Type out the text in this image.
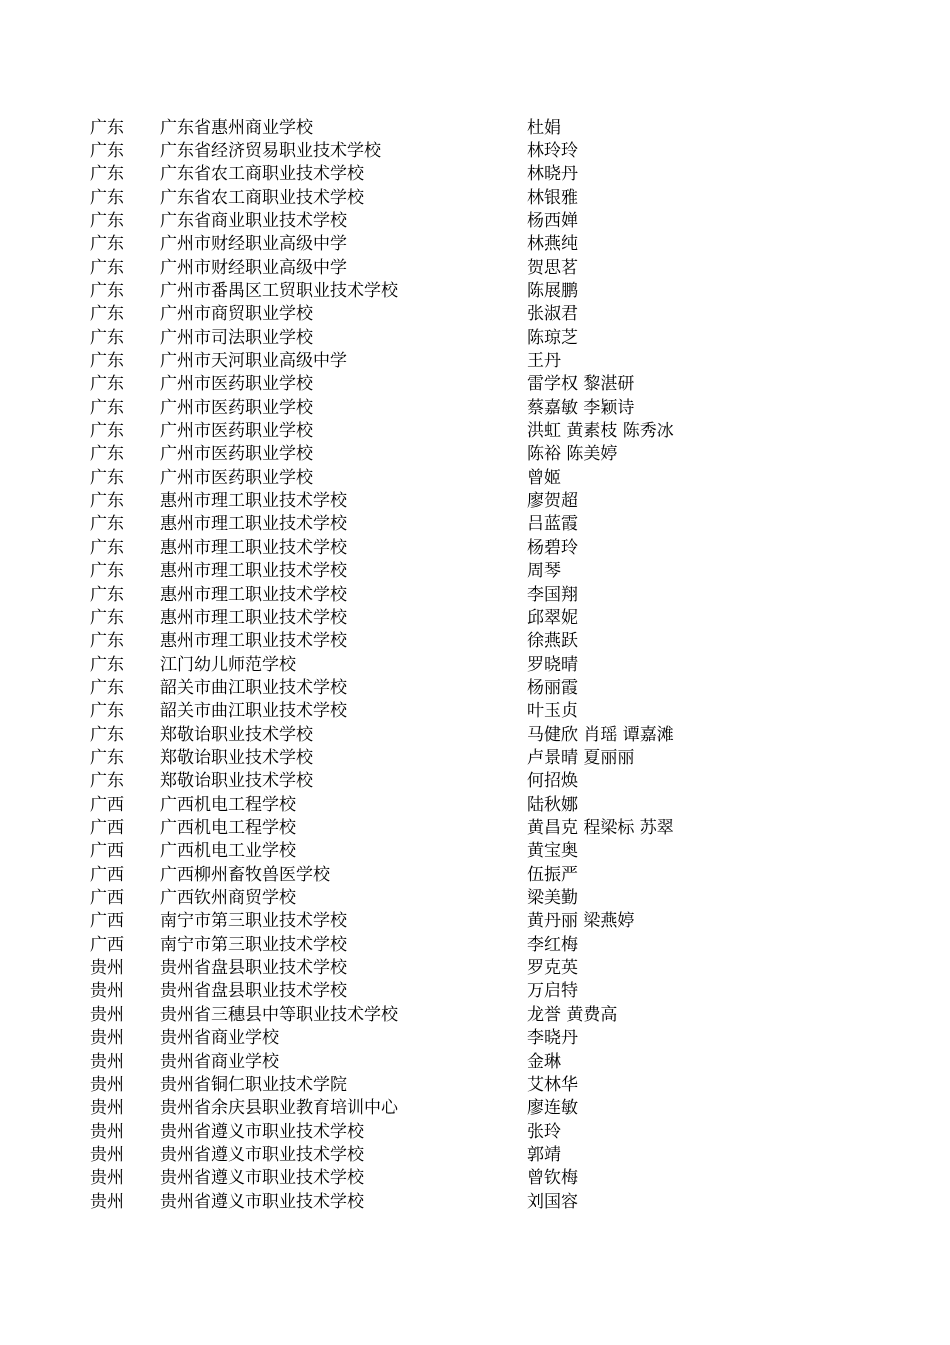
广东 广东省惠州商业学校	杜娟
广东 广东省经济贸易职业技术学校	林玲玲
广东 广东省农工商职业技术学校	林晓丹
广东 广东省农工商职业技术学校	林银雅
广东 广东省商业职业技术学校	杨西婵
广东 广州市财经职业高级中学	林燕纯
广东 广州市财经职业高级中学	贺思茗
广东 广州市番禺区工贸职业技术学校	陈展鹏
广东 广州市商贸职业学校	张淑君
广东 广州市司法职业学校	陈琼芝
广东 广州市天河职业高级中学	王丹
广东 广州市医药职业学校	雷学权 黎湛研
广东 广州市医药职业学校	蔡嘉敏 李颖诗
广东 广州市医药职业学校	洪虹 黄素枝 陈秀冰
广东 广州市医药职业学校	陈裕 陈美婷
广东 广州市医药职业学校	曾姬
广东 惠州市理工职业技术学校	廖贺超
广东 惠州市理工职业技术学校	吕蓝霞
广东 惠州市理工职业技术学校	杨碧玲
广东 惠州市理工职业技术学校	周琴
广东 惠州市理工职业技术学校	李国翔
广东 惠州市理工职业技术学校	邱翠妮
广东 惠州市理工职业技术学校	徐燕跃
广东 江门幼儿师范学校	罗晓晴
广东 韶关市曲江职业技术学校	杨丽霞
广东 韶关市曲江职业技术学校	叶玉贞
广东 郑敬诒职业技术学校	马健欣 肖瑶 谭嘉滩
广东 郑敬诒职业技术学校	卢景晴 夏丽丽
广东 郑敬诒职业技术学校	何招焕
广西 广西机电工程学校	陆秋娜
广西 广西机电工程学校	黄昌克 程梁标 苏翠
广西 广西机电工业学校	黄宝奥
广西 广西柳州畜牧兽医学校	伍振严
广西 广西钦州商贸学校	梁美勤
广西 南宁市第三职业技术学校	黄丹丽 梁燕婷
广西 南宁市第三职业技术学校	李红梅
贵州 贵州省盘县职业技术学校	罗克英
贵州 贵州省盘县职业技术学校	万启特
贵州 贵州省三穗县中等职业技术学校	龙誉 黄费高
贵州 贵州省商业学校	李晓丹
贵州 贵州省商业学校	金琳
贵州 贵州省铜仁职业技术学院	艾林华
贵州 贵州省余庆县职业教育培训中心	廖连敏
贵州 贵州省遵义市职业技术学校	张玲
贵州 贵州省遵义市职业技术学校	郭靖
贵州 贵州省遵义市职业技术学校	曾钦梅
贵州 贵州省遵义市职业技术学校	刘国容
